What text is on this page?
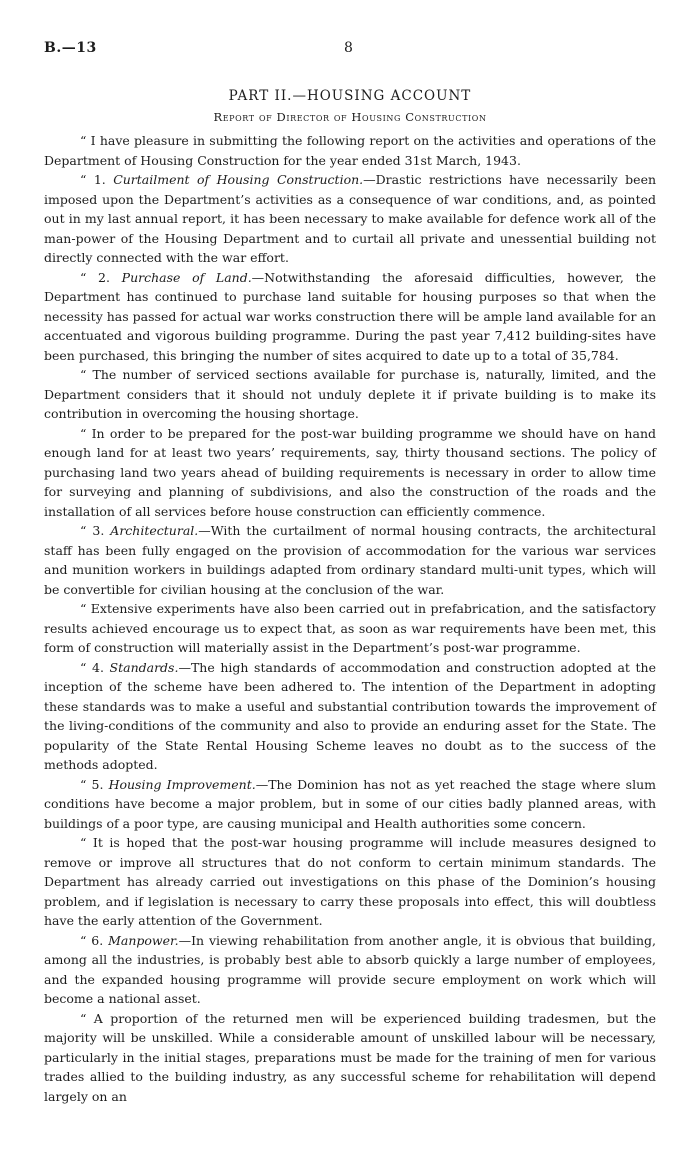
B.—13	8
PART II.—HOUSING ACCOUNT
Report of Director of Housing Construction

“ I have pleasure in submitting the following report on the activities and operations of the Department of Housing Construction for the year ended 31st March, 1943.

“ 1. Curtailment of Housing Construction.—Drastic restrictions have necessarily been imposed upon the Department’s activities as a consequence of war conditions, and, as pointed out in my last annual report, it has been necessary to make available for defence work all of the man-power of the Housing Department and to curtail all private and unessential building not directly connected with the war effort.

“ 2. Purchase of Land.—Notwithstanding the aforesaid difficulties, however, the Department has continued to purchase land suitable for housing purposes so that when the necessity has passed for actual war works construction there will be ample land available for an accentuated and vigorous building programme. During the past year 7,412 building-sites have been purchased, this bringing the number of sites acquired to date up to a total of 35,784.

“ The number of serviced sections available for purchase is, naturally, limited, and the Department considers that it should not unduly deplete it if private building is to make its contribution in overcoming the housing shortage.

“ In order to be prepared for the post-war building programme we should have on hand enough land for at least two years’ requirements, say, thirty thousand sections. The policy of purchasing land two years ahead of building requirements is necessary in order to allow time for surveying and planning of subdivisions, and also the construction of the roads and the installation of all services before house construction can efficiently commence.

“ 3. Architectural.—With the curtailment of normal housing contracts, the architectural staff has been fully engaged on the provision of accommodation for the various war services and munition workers in buildings adapted from ordinary standard multi-unit types, which will be convertible for civilian housing at the conclusion of the war.

“ Extensive experiments have also been carried out in prefabrication, and the satisfactory results achieved encourage us to expect that, as soon as war requirements have been met, this form of construction will materially assist in the Department’s post-war programme.

“ 4. Standards.—The high standards of accommodation and construction adopted at the inception of the scheme have been adhered to. The intention of the Department in adopting these standards was to make a useful and substantial contribution towards the improvement of the living-conditions of the community and also to provide an enduring asset for the State. The popularity of the State Rental Housing Scheme leaves no doubt as to the success of the methods adopted.

“ 5. Housing Improvement.—The Dominion has not as yet reached the stage where slum conditions have become a major problem, but in some of our cities badly planned areas, with buildings of a poor type, are causing municipal and Health authorities some concern.

“ It is hoped that the post-war housing programme will include measures designed to remove or improve all structures that do not conform to certain minimum standards. The Department has already carried out investigations on this phase of the Dominion’s housing problem, and if legislation is necessary to carry these proposals into effect, this will doubtless have the early attention of the Government.

“ 6. Manpower.—In viewing rehabilitation from another angle, it is obvious that building, among all the industries, is probably best able to absorb quickly a large number of employees, and the expanded housing programme will provide secure employment on work which will become a national asset.

“ A proportion of the returned men will be experienced building tradesmen, but the majority will be unskilled. While a considerable amount of unskilled labour will be necessary, particularly in the initial stages, preparations must be made for the training of men for various trades allied to the building industry, as any successful scheme for rehabilitation will depend largely on an
